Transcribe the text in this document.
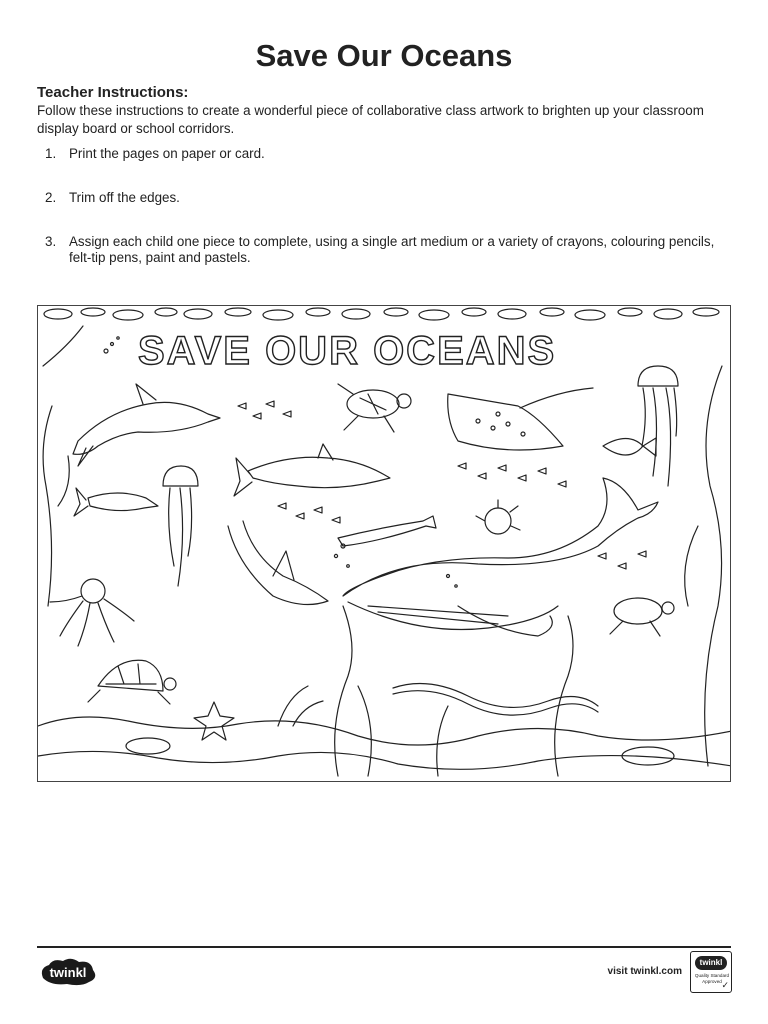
Save Our Oceans
Teacher Instructions:
Follow these instructions to create a wonderful piece of collaborative class artwork to brighten up your classroom display board or school corridors.
1. Print the pages on paper or card.
2. Trim off the edges.
3. Assign each child one piece to complete, using a single art medium or a variety of crayons, colouring pencils, felt-tip pens, paint and pastels.
SAVE OUR OCEANS
twinkl	visit twinkl.com
twinkl
Quality Standard Approved ✓
